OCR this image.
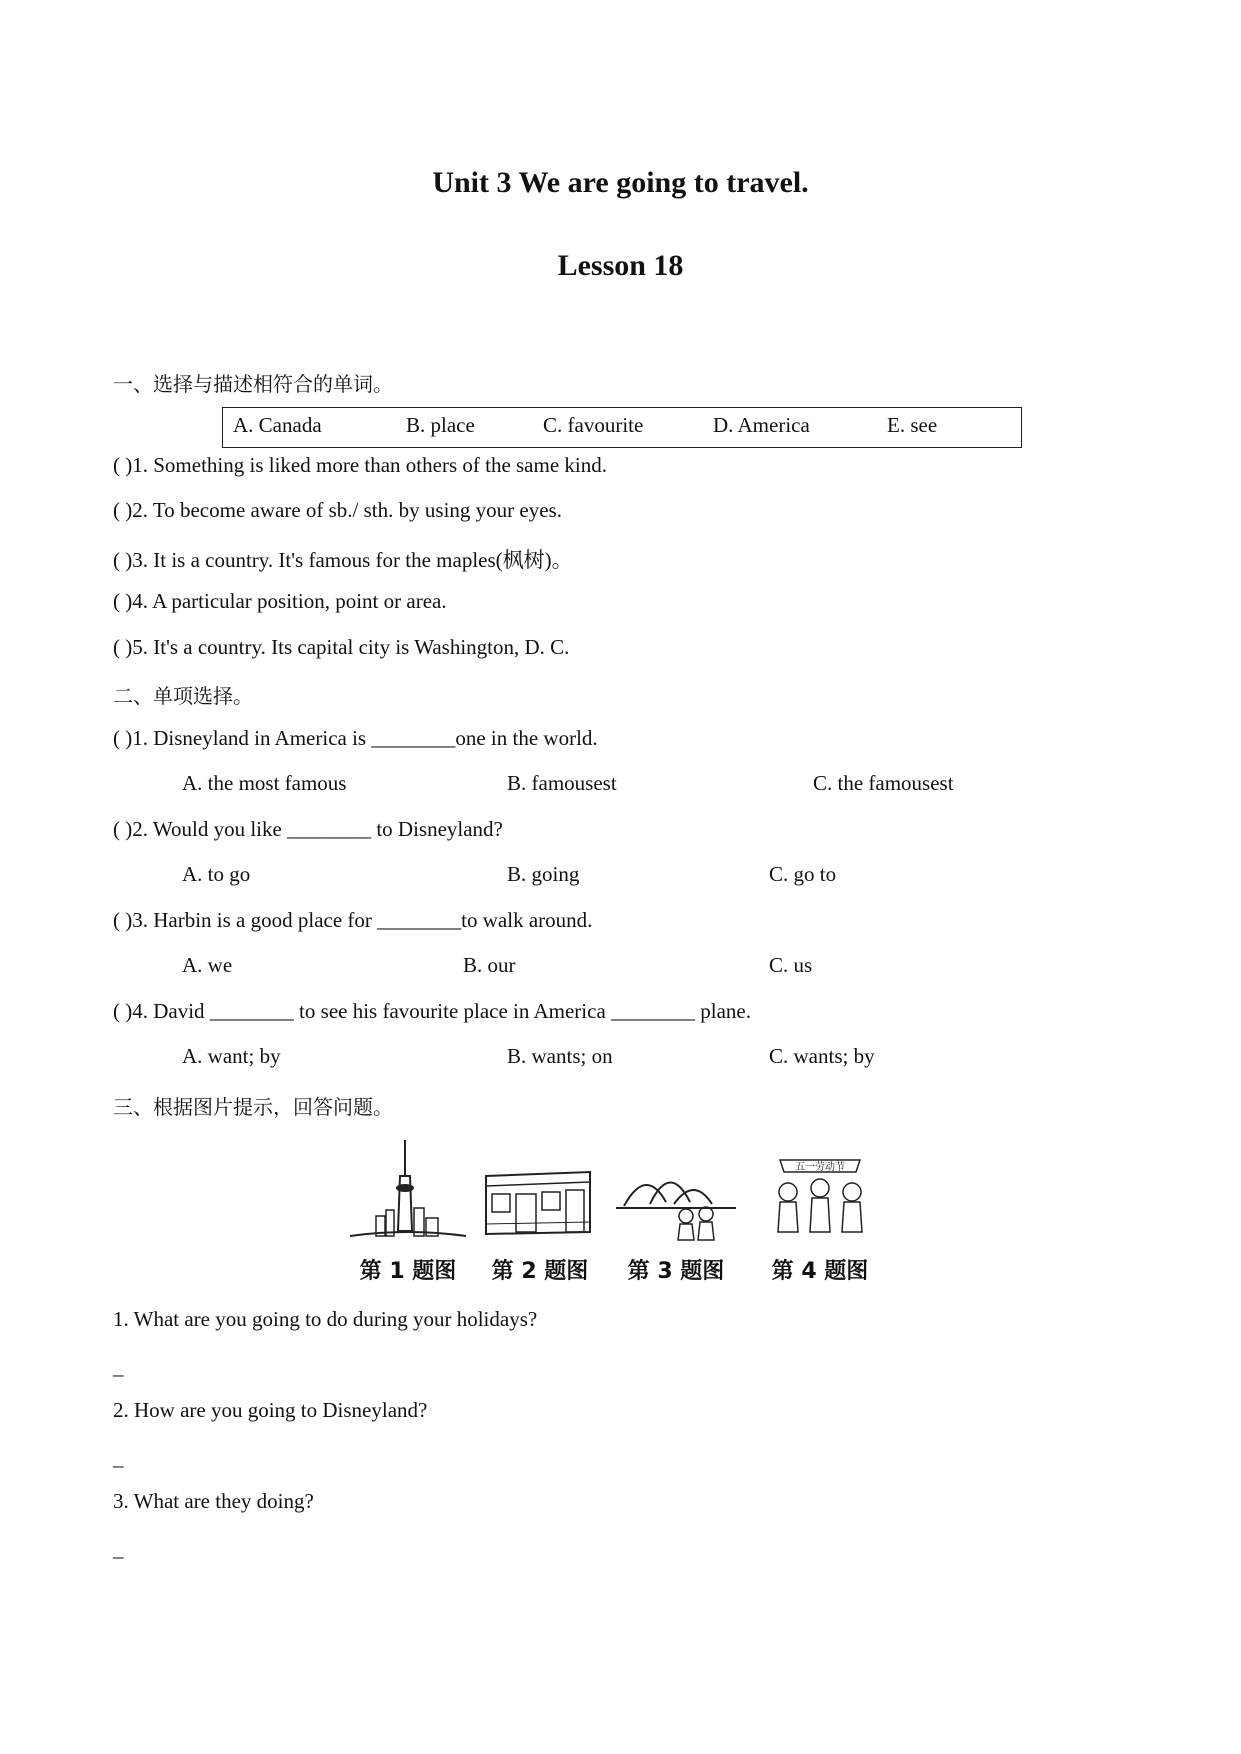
Unit 3 We are going to travel.
Lesson 18
一、选择与描述相符合的单词。
A. Canada	B. place	C. favourite	D. America	E. see
( )1. Something is liked more than others of the same kind.
( )2. To become aware of sb./ sth. by using your eyes.
( )3. It is a country. It's famous for the maples(枫树)。
( )4. A particular position, point or area.
( )5. It's a country. Its capital city is Washington, D. C.
二、单项选择。
( )1. Disneyland in America is ________one in the world.
A. the most famous	B. famousest	C. the famousest
( )2. Would you like ________ to Disneyland?
A. to go	B. going	C. go to
( )3. Harbin is a good place for ________to walk around.
A. we	B. our	C. us
( )4. David ________ to see his favourite place in America ________ plane.
A. want; by	B. wants; on	C. wants; by
三、根据图片提示，回答问题。
五一劳动节
第 1 题图	第 2 题图	第 3 题图	第 4 题图
1. What are you going to do during your holidays?
_
2. How are you going to Disneyland?
_
3. What are they doing?
_
